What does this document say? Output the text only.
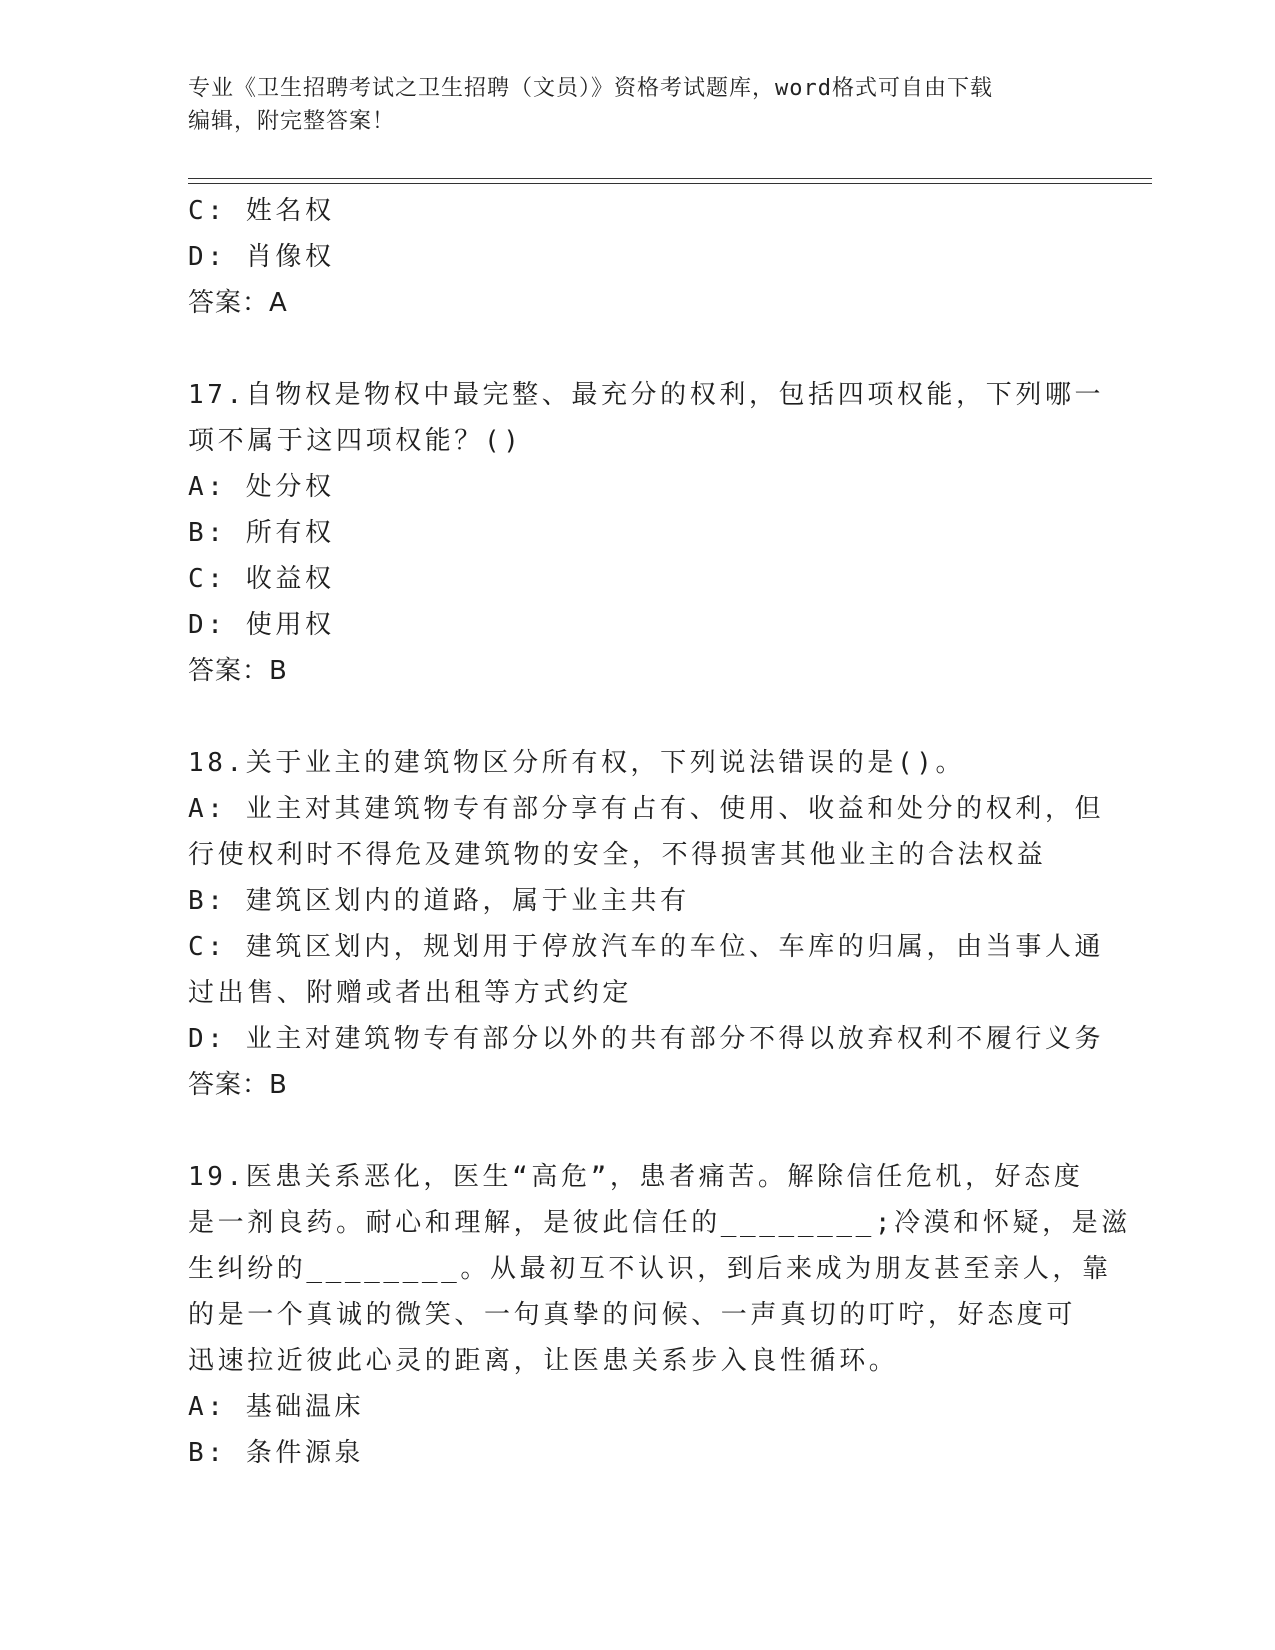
专业《卫生招聘考试之卫生招聘（文员）》资格考试题库，word格式可自由下载
编辑，附完整答案！
C: 姓名权
D: 肖像权
答案：A
17.自物权是物权中最完整、最充分的权利，包括四项权能，下列哪一
项不属于这四项权能？()
A: 处分权
B: 所有权
C: 收益权
D: 使用权
答案：B
18.关于业主的建筑物区分所有权，下列说法错误的是()。
A: 业主对其建筑物专有部分享有占有、使用、收益和处分的权利，但
行使权利时不得危及建筑物的安全，不得损害其他业主的合法权益
B: 建筑区划内的道路，属于业主共有
C: 建筑区划内，规划用于停放汽车的车位、车库的归属，由当事人通
过出售、附赠或者出租等方式约定
D: 业主对建筑物专有部分以外的共有部分不得以放弃权利不履行义务
答案：B
19.医患关系恶化，医生“高危”，患者痛苦。解除信任危机，好态度
是一剂良药。耐心和理解，是彼此信任的________;冷漠和怀疑，是滋
生纠纷的________。从最初互不认识，到后来成为朋友甚至亲人，靠
的是一个真诚的微笑、一句真挚的问候、一声真切的叮咛，好态度可
迅速拉近彼此心灵的距离，让医患关系步入良性循环。
A: 基础温床
B: 条件源泉
